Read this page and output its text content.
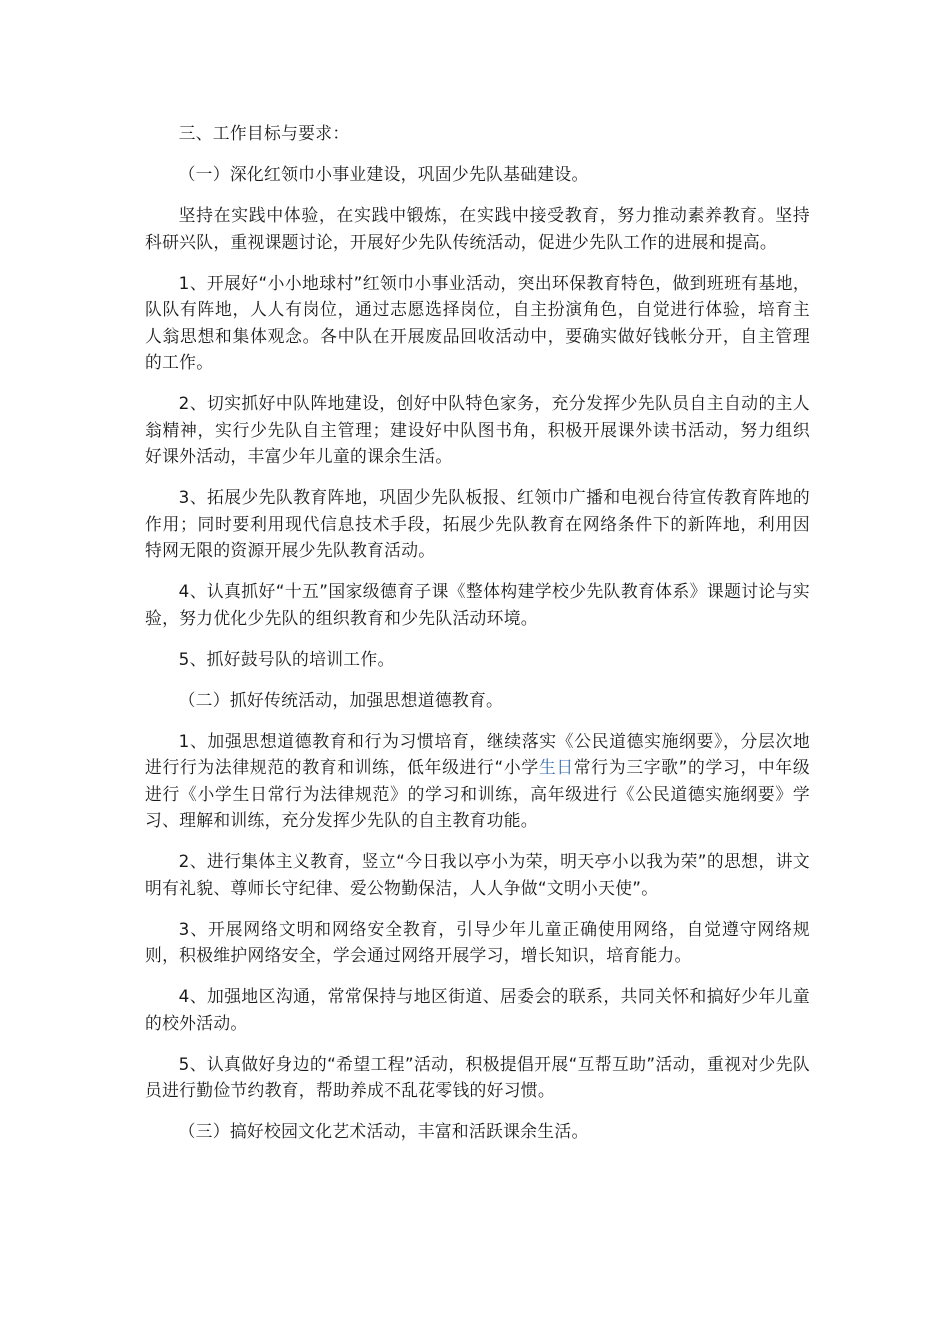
三、工作目标与要求：

（一）深化红领巾小事业建设，巩固少先队基础建设。

坚持在实践中体验，在实践中锻炼，在实践中接受教育，努力推动素养教育。坚持科研兴队，重视课题讨论，开展好少先队传统活动，促进少先队工作的进展和提高。

1、开展好“小小地球村”红领巾小事业活动，突出环保教育特色，做到班班有基地，队队有阵地，人人有岗位，通过志愿选择岗位，自主扮演角色，自觉进行体验，培育主人翁思想和集体观念。各中队在开展废品回收活动中，要确实做好钱帐分开，自主管理的工作。

2、切实抓好中队阵地建设，创好中队特色家务，充分发挥少先队员自主自动的主人翁精神，实行少先队自主管理；建设好中队图书角，积极开展课外读书活动，努力组织好课外活动，丰富少年儿童的课余生活。

3、拓展少先队教育阵地，巩固少先队板报、红领巾广播和电视台待宣传教育阵地的作用；同时要利用现代信息技术手段，拓展少先队教育在网络条件下的新阵地，利用因特网无限的资源开展少先队教育活动。

4、认真抓好“十五”国家级德育子课《整体构建学校少先队教育体系》课题讨论与实验，努力优化少先队的组织教育和少先队活动环境。

5、抓好鼓号队的培训工作。

（二）抓好传统活动，加强思想道德教育。

1、加强思想道德教育和行为习惯培育，继续落实《公民道德实施纲要》，分层次地进行行为法律规范的教育和训练，低年级进行“小学生日常行为三字歌”的学习，中年级进行《小学生日常行为法律规范》的学习和训练，高年级进行《公民道德实施纲要》学习、理解和训练，充分发挥少先队的自主教育功能。

2、进行集体主义教育，竖立“今日我以亭小为荣，明天亭小以我为荣”的思想，讲文明有礼貌、尊师长守纪律、爱公物勤保洁，人人争做“文明小天使”。

3、开展网络文明和网络安全教育，引导少年儿童正确使用网络，自觉遵守网络规则，积极维护网络安全，学会通过网络开展学习，增长知识，培育能力。

4、加强地区沟通，常常保持与地区街道、居委会的联系，共同关怀和搞好少年儿童的校外活动。

5、认真做好身边的“希望工程”活动，积极提倡开展“互帮互助”活动，重视对少先队员进行勤俭节约教育，帮助养成不乱花零钱的好习惯。

（三）搞好校园文化艺术活动，丰富和活跃课余生活。
